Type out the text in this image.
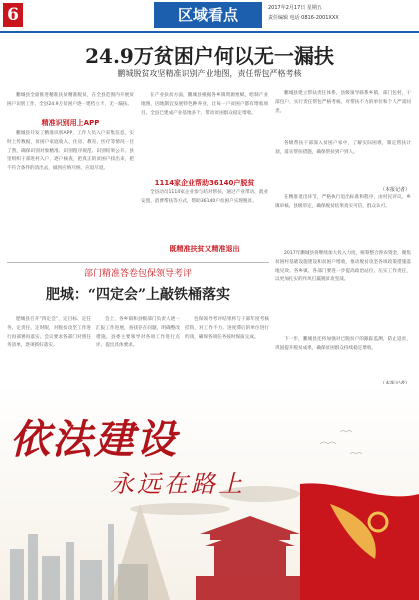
6	区域看点	2017年2月17日 星期五
责任编辑 电话 0816-2001XXX
24.9万贫困户何以无一漏扶
鹏城脱贫攻坚精准识别产业地图，责任帮包严格考核

鹏城县全面推进精准扶贫精准脱贫，在全县范围内开展贫困户识别工作，全县24.9万贫困户逐一建档立卡，无一漏扶。

精准识别用上APP

鹏城县开发了精准识别APP，工作人员入户采集信息，实时上传数据，贫困户家庭收入、住房、教育、医疗等情况一目了然，确保识别对象精准、识别程序规范、识别结果公开。县里组织干部进村入户，逐户核查，把真正的贫困户找出来，把不符合条件的清出去，做到应纳尽纳、应退尽退。

在产业扶贫方面，鹏城县根据各乡镇资源禀赋，绘制产业地图，因地制宜发展特色种养业，让每一户贫困户都有增收项目。全县已建成产业基地多个，带动贫困群众稳定增收。

1114家企业帮助36140户脱贫

全县动员1114家企业参与结对帮扶，通过产业带动、就业安置、消费帮扶等方式，帮助36140户贫困户实现脱贫。

既精准扶贫又精准退出

鹏城县建立帮扶责任体系，县级领导联系乡镇，部门包村，干部包户，实行责任帮包严格考核，对帮扶不力的单位和个人严肃问责。

各级帮扶干部深入贫困户家中，了解实际困难，制定帮扶计划，落实帮扶措施，确保帮扶到户到人。

（本报记者）

在精准退出环节，严格执行退出标准和程序，由村民评议、乡镇审核、县级审定，确保脱贫结果真实可信、群众认可。

2017年鹏城县将继续加大投入力度，统筹整合涉农资金，聚焦贫困村基础设施建设和贫困户增收，推动脱贫攻坚各项政策措施落地见效。各乡镇、各部门要进一步提高政治站位，压实工作责任，以更加扎实的作风打赢脱贫攻坚战。

下一步，鹏城县还将加强对已脱贫户的跟踪监测，防止返贫，巩固提升脱贫成果，确保贫困群众持续稳定增收。

部门精准答卷包保领导考评
肥城：“四定会”上敲铁桶落实

肥城县召开“四定会”，定目标、定任务、定责任、定时限，对脱贫攻坚工作进行再部署再落实。会议要求各部门对照任务清单，逐项抓好落实。

会上，各乡镇和县级部门负责人逐一汇报工作进展，查找存在问题，明确整改措施。县委主要领导对各项工作进行点评，提出具体要求。

包保领导考评结果将与干部年度考核挂钩，对工作不力、进度滞后的单位进行约谈，确保各项任务按时保质完成。

依法建设
永远在路上
